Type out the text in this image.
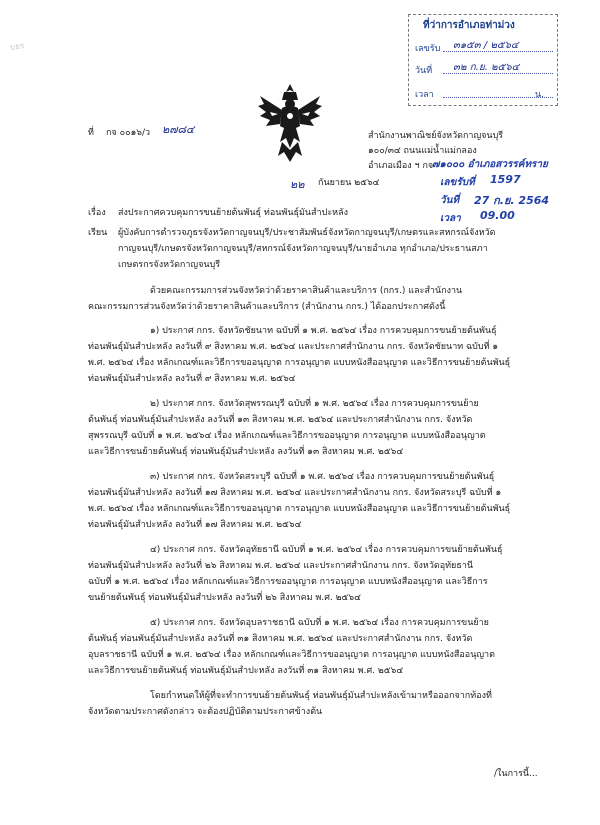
บธร
ที่ว่าการอำเภอท่าม่วง
เลขรับ ๓๑๕๓ / ๒๕๖๔
วันที่ ๓๒ ก.ย. ๒๕๖๔
เวลา	น.
ที่ กจ ๐๐๑๖/ว ๒๗๘๔	สำนักงานพาณิชย์จังหวัดกาญจนบุรี
๑๐๐/๓๔ ถนนแม่น้ำแม่กลอง
อำเภอเมือง ฯ กจ
๗๑๐๐๐ อำเภอสวรรค์ทราย
เลขรับที่ 1597
วันที่ 27 ก.ย. 2564
เวลา 09.00
๒๒ กันยายน ๒๕๖๔
เรื่อง ส่งประกาศควบคุมการขนย้ายต้นพันธุ์ ท่อนพันธุ์มันสำปะหลัง
เรียน ผู้บังคับการตำรวจภูธรจังหวัดกาญจนบุรี/ประชาสัมพันธ์จังหวัดกาญจนบุรี/เกษตรและสหกรณ์จังหวัด
กาญจนบุรี/เกษตรจังหวัดกาญจนบุรี/สหกรณ์จังหวัดกาญจนบุรี/นายอำเภอ ทุกอำเภอ/ประธานสภา
เกษตรกรจังหวัดกาญจนบุรี
ด้วยคณะกรรมการส่วนจังหวัดว่าด้วยราคาสินค้าและบริการ (กกร.) และสำนักงาน
คณะกรรมการส่วนจังหวัดว่าด้วยราคาสินค้าและบริการ (สำนักงาน กกร.) ได้ออกประกาศดังนี้
๑) ประกาศ กกร. จังหวัดชัยนาท ฉบับที่ ๑ พ.ศ. ๒๕๖๔ เรื่อง การควบคุมการขนย้ายต้นพันธุ์
ท่อนพันธุ์มันสำปะหลัง ลงวันที่ ๙ สิงหาคม พ.ศ. ๒๕๖๔ และประกาศสำนักงาน กกร. จังหวัดชัยนาท ฉบับที่ ๑
พ.ศ. ๒๕๖๔ เรื่อง หลักเกณฑ์และวิธีการขออนุญาต การอนุญาต แบบหนังสืออนุญาต และวิธีการขนย้ายต้นพันธุ์
ท่อนพันธุ์มันสำปะหลัง ลงวันที่ ๙ สิงหาคม พ.ศ. ๒๕๖๔
๒) ประกาศ กกร. จังหวัดสุพรรณบุรี ฉบับที่ ๑ พ.ศ. ๒๕๖๔ เรื่อง การควบคุมการขนย้าย
ต้นพันธุ์ ท่อนพันธุ์มันสำปะหลัง ลงวันที่ ๑๓ สิงหาคม พ.ศ. ๒๕๖๔ และประกาศสำนักงาน กกร. จังหวัด
สุพรรณบุรี ฉบับที่ ๑ พ.ศ. ๒๕๖๔ เรื่อง หลักเกณฑ์และวิธีการขออนุญาต การอนุญาต แบบหนังสืออนุญาต
และวิธีการขนย้ายต้นพันธุ์ ท่อนพันธุ์มันสำปะหลัง ลงวันที่ ๑๓ สิงหาคม พ.ศ. ๒๕๖๔
๓) ประกาศ กกร. จังหวัดสระบุรี ฉบับที่ ๑ พ.ศ. ๒๕๖๔ เรื่อง การควบคุมการขนย้ายต้นพันธุ์
ท่อนพันธุ์มันสำปะหลัง ลงวันที่ ๑๗ สิงหาคม พ.ศ. ๒๕๖๔ และประกาศสำนักงาน กกร. จังหวัดสระบุรี ฉบับที่ ๑
พ.ศ. ๒๕๖๔ เรื่อง หลักเกณฑ์และวิธีการขออนุญาต การอนุญาต แบบหนังสืออนุญาต และวิธีการขนย้ายต้นพันธุ์
ท่อนพันธุ์มันสำปะหลัง ลงวันที่ ๑๗ สิงหาคม พ.ศ. ๒๕๖๔
๔) ประกาศ กกร. จังหวัดอุทัยธานี ฉบับที่ ๑ พ.ศ. ๒๕๖๔ เรื่อง การควบคุมการขนย้ายต้นพันธุ์
ท่อนพันธุ์มันสำปะหลัง ลงวันที่ ๒๖ สิงหาคม พ.ศ. ๒๕๖๔ และประกาศสำนักงาน กกร. จังหวัดอุทัยธานี
ฉบับที่ ๑ พ.ศ. ๒๕๖๔ เรื่อง หลักเกณฑ์และวิธีการขออนุญาต การอนุญาต แบบหนังสืออนุญาต และวิธีการ
ขนย้ายต้นพันธุ์ ท่อนพันธุ์มันสำปะหลัง ลงวันที่ ๒๖ สิงหาคม พ.ศ. ๒๕๖๔
๕) ประกาศ กกร. จังหวัดอุบลราชธานี ฉบับที่ ๑ พ.ศ. ๒๕๖๔ เรื่อง การควบคุมการขนย้าย
ต้นพันธุ์ ท่อนพันธุ์มันสำปะหลัง ลงวันที่ ๓๑ สิงหาคม พ.ศ. ๒๕๖๔ และประกาศสำนักงาน กกร. จังหวัด
อุบลราชธานี ฉบับที่ ๑ พ.ศ. ๒๕๖๔ เรื่อง หลักเกณฑ์และวิธีการขออนุญาต การอนุญาต แบบหนังสืออนุญาต
และวิธีการขนย้ายต้นพันธุ์ ท่อนพันธุ์มันสำปะหลัง ลงวันที่ ๓๑ สิงหาคม พ.ศ. ๒๕๖๔
โดยกำหนดให้ผู้ที่จะทำการขนย้ายต้นพันธุ์ ท่อนพันธุ์มันสำปะหลังเข้ามาหรือออกจากท้องที่
จังหวัดตามประกาศดังกล่าว จะต้องปฏิบัติตามประกาศข้างต้น
/ในการนี้...
